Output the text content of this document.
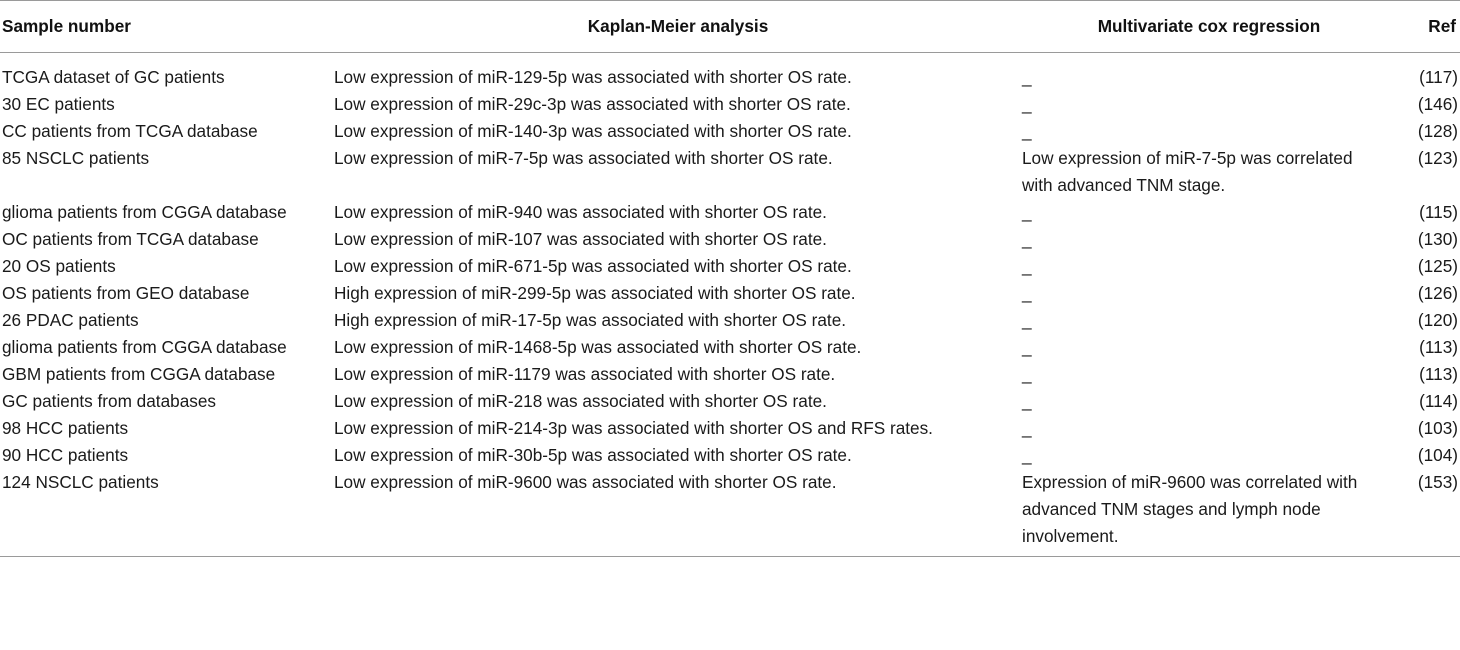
Sample number	Kaplan-Meier analysis	Multivariate cox regression	Ref
TCGA dataset of GC patients	Low expression of miR-129-5p was associated with shorter OS rate.	_	(117)
30 EC patients	Low expression of miR-29c-3p was associated with shorter OS rate.	_	(146)
CC patients from TCGA database	Low expression of miR-140-3p was associated with shorter OS rate.	_	(128)
85 NSCLC patients	Low expression of miR-7-5p was associated with shorter OS rate.	Low expression of miR-7-5p was correlated with advanced TNM stage.	(123)
glioma patients from CGGA database	Low expression of miR-940 was associated with shorter OS rate.	_	(115)
OC patients from TCGA database	Low expression of miR-107 was associated with shorter OS rate.	_	(130)
20 OS patients	Low expression of miR-671-5p was associated with shorter OS rate.	_	(125)
OS patients from GEO database	High expression of miR-299-5p was associated with shorter OS rate.	_	(126)
26 PDAC patients	High expression of miR-17-5p was associated with shorter OS rate.	_	(120)
glioma patients from CGGA database	Low expression of miR-1468-5p was associated with shorter OS rate.	_	(113)
GBM patients from CGGA database	Low expression of miR-1179 was associated with shorter OS rate.	_	(113)
GC patients from databases	Low expression of miR-218 was associated with shorter OS rate.	_	(114)
98 HCC patients	Low expression of miR-214-3p was associated with shorter OS and RFS rates.	_	(103)
90 HCC patients	Low expression of miR-30b-5p was associated with shorter OS rate.	_	(104)
124 NSCLC patients	Low expression of miR-9600 was associated with shorter OS rate.	Expression of miR-9600 was correlated with advanced TNM stages and lymph node involvement.	(153)
